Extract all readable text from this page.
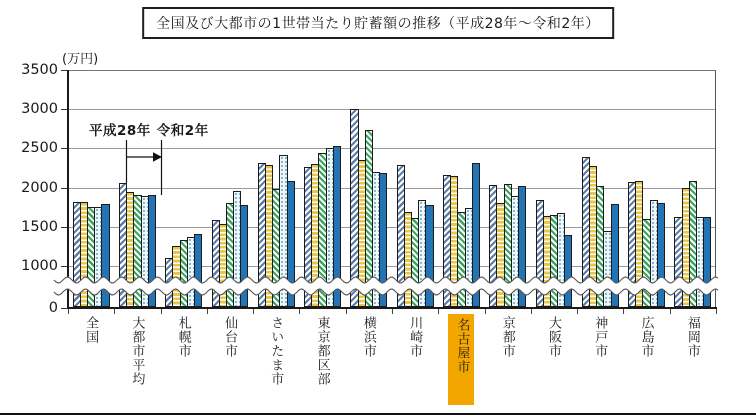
全国及び大都市の1世帯当たり貯蓄額の推移（平成28年～令和2年）
(万円)
平成28年 令和2年
3500
3000
2500
2000
1500
1000
0
全国 大都市平均 札幌市 仙台市 さいたま市 東京都区部 横浜市 川崎市 名古屋市 京都市 大阪市 神戸市 広島市 福岡市
